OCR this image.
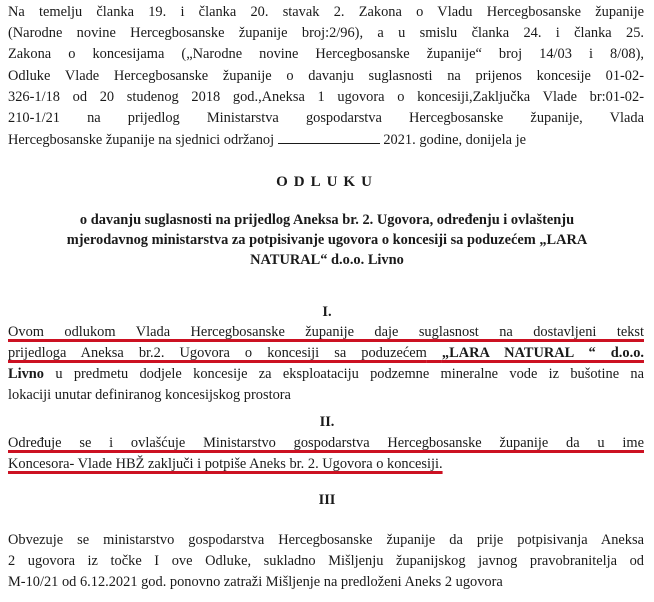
Na temelju članka 19. i članka 20. stavak 2. Zakona o Vladu Hercegbosanske županije
(Narodne novine Hercegbosanske županije broj:2/96), a u smislu članka 24. i članka 25.
Zakona o koncesijama („Narodne novine Hercegbosanske županije“ broj 14/03 i 8/08),
Odluke Vlade Hercegbosanske županije o davanju suglasnosti na prijenos koncesije 01-02-
326-1/18 od 20 studenog 2018 god.,Aneksa 1 ugovora o koncesiji,Zaključka Vlade br:01-02-
210-1/21 na prijedlog Ministarstva gospodarstva Hercegbosanske županije, Vlada
Hercegbosanske županije na sjednici održanoj	2021. godine, donijela je
ODLUKU
o davanju suglasnosti na prijedlog Aneksa br. 2. Ugovora, određenju i ovlaštenju
mjerodavnog ministarstva za potpisivanje ugovora o koncesiji sa poduzećem „LARA
NATURAL“ d.o.o. Livno
I.
Ovom odlukom Vlada Hercegbosanske županije daje suglasnost na dostavljeni tekst
prijedloga Aneksa br.2. Ugovora o koncesiji sa poduzećem „LARA NATURAL “ d.o.o.
Livno u predmetu dodjele koncesije za eksploataciju podzemne mineralne vode iz bušotine na
lokaciji unutar definiranog koncesijskog prostora
II.
Određuje se i ovlašćuje Ministarstvo gospodarstva Hercegbosanske županije da u ime
Koncesora- Vlade HBŽ zaključi i potpiše Aneks br. 2. Ugovora o koncesiji.
III
Obvezuje se ministarstvo gospodarstva Hercegbosanske županije da prije potpisivanja Aneksa
2 ugovora iz točke I ove Odluke, sukladno Mišljenju županijskog javnog pravobranitelja od
M-10/21 od 6.12.2021 god. ponovno zatraži Mišljenje na predloženi Aneks 2 ugovora
